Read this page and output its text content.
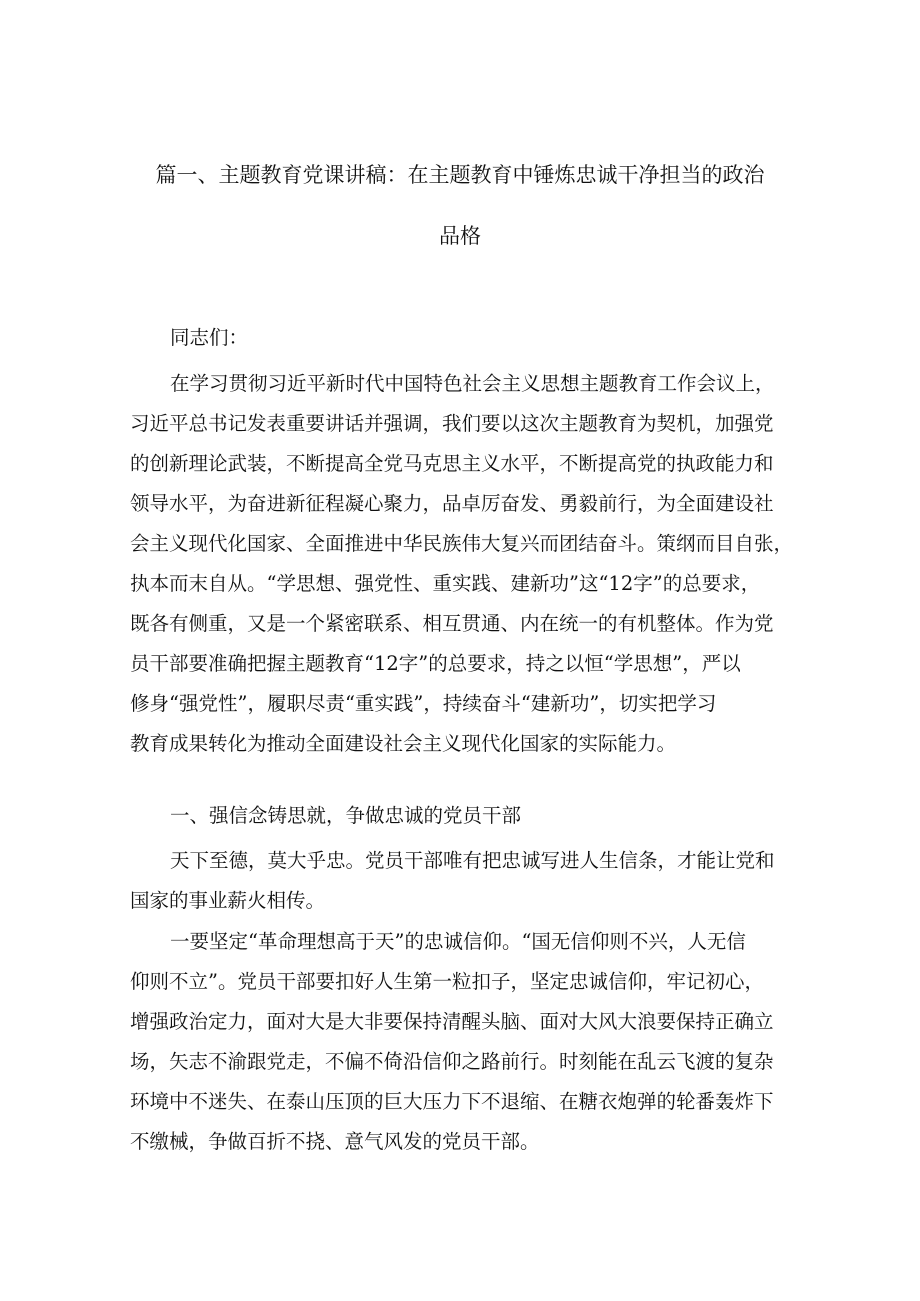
篇一、主题教育党课讲稿：在主题教育中锤炼忠诚干净担当的政治
品格
同志们：
在学习贯彻习近平新时代中国特色社会主义思想主题教育工作会议上，
习近平总书记发表重要讲话并强调，我们要以这次主题教育为契机，加强党
的创新理论武装，不断提高全党马克思主义水平，不断提高党的执政能力和
领导水平，为奋进新征程凝心聚力，品卓厉奋发、勇毅前行，为全面建设社
会主义现代化国家、全面推进中华民族伟大复兴而团结奋斗。策纲而目自张，
执本而末自从。“学思想、强党性、重实践、建新功”这“12字”的总要求，
既各有侧重，又是一个紧密联系、相互贯通、内在统一的有机整体。作为党
员干部要准确把握主题教育“12字”的总要求，持之以恒“学思想”，严以
修身“强党性”，履职尽责“重实践”，持续奋斗“建新功”，切实把学习
教育成果转化为推动全面建设社会主义现代化国家的实际能力。
一、强信念铸思就，争做忠诚的党员干部
天下至德，莫大乎忠。党员干部唯有把忠诚写进人生信条，才能让党和
国家的事业薪火相传。
一要坚定“革命理想高于天”的忠诚信仰。“国无信仰则不兴，人无信
仰则不立”。党员干部要扣好人生第一粒扣子，坚定忠诚信仰，牢记初心，
增强政治定力，面对大是大非要保持清醒头脑、面对大风大浪要保持正确立
场，矢志不渝跟党走，不偏不倚沿信仰之路前行。时刻能在乱云飞渡的复杂
环境中不迷失、在泰山压顶的巨大压力下不退缩、在糖衣炮弹的轮番轰炸下
不缴械，争做百折不挠、意气风发的党员干部。
